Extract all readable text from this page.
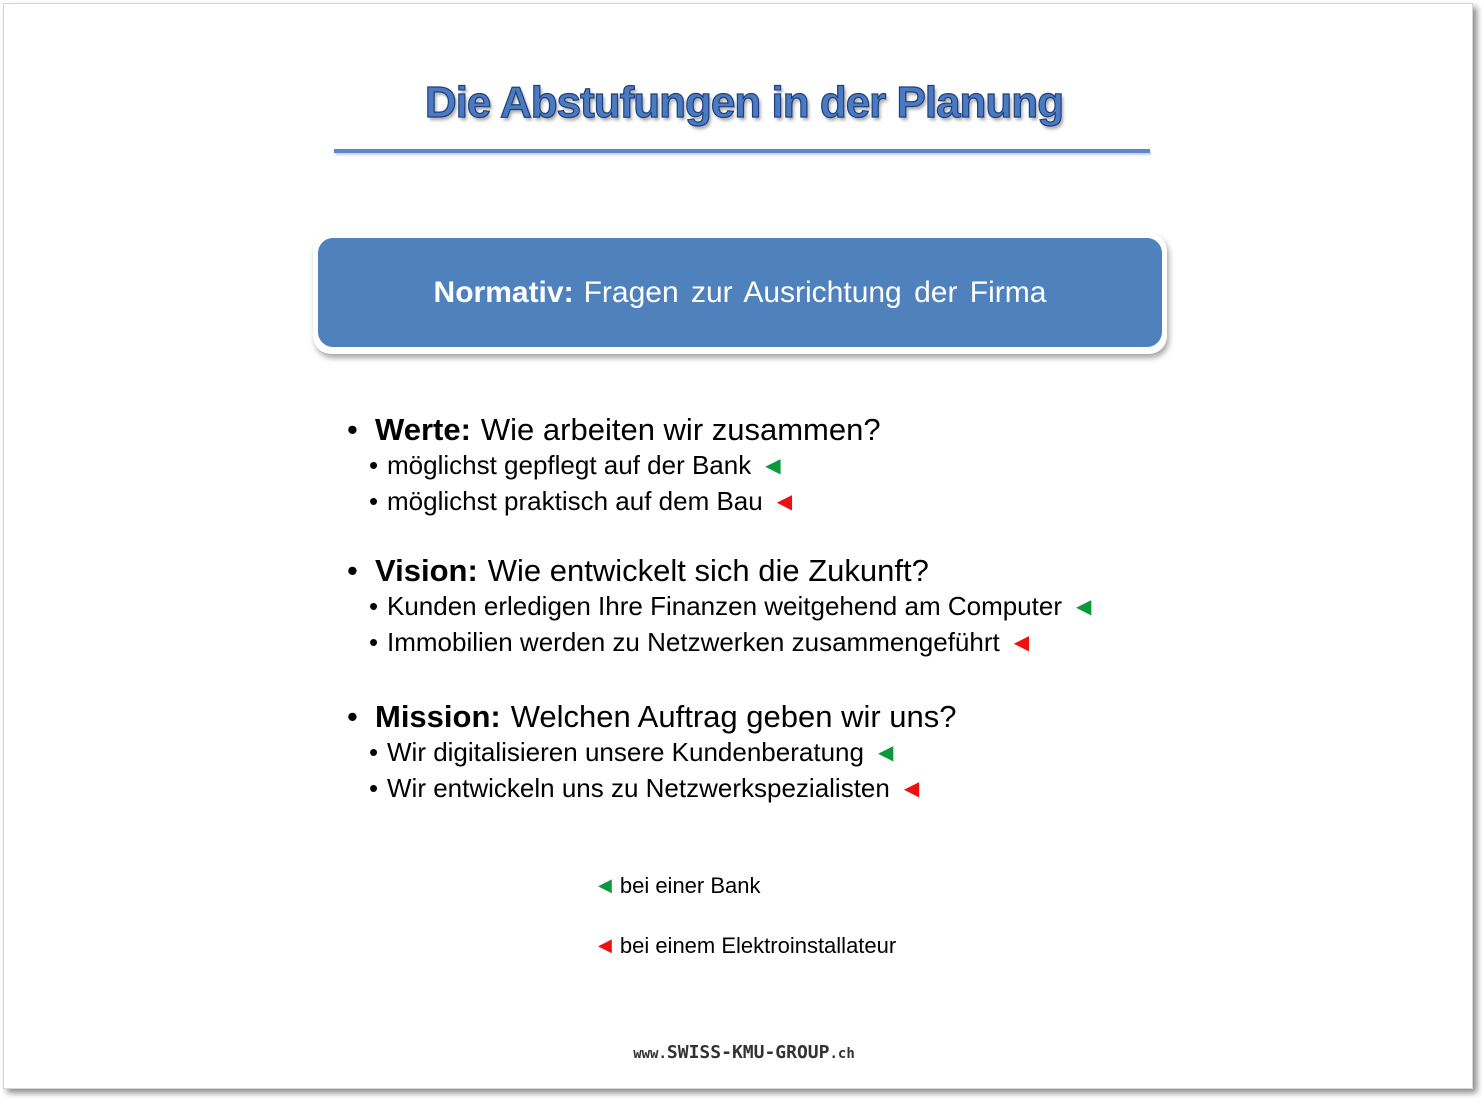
Die Abstufungen in der Planung
Normativ: Fragen zur Ausrichtung der Firma
• Werte: Wie arbeiten wir zusammen?
• möglichst gepflegt auf der Bank ◀
• möglichst praktisch auf dem Bau ◀
• Vision: Wie entwickelt sich die Zukunft?
• Kunden erledigen Ihre Finanzen weitgehend am Computer ◀
• Immobilien werden zu Netzwerken zusammengeführt ◀
• Mission: Welchen Auftrag geben wir uns?
• Wir digitalisieren unsere Kundenberatung ◀
• Wir entwickeln uns zu Netzwerkspezialisten ◀
◀ bei einer Bank
◀ bei einem Elektroinstallateur
www.SWISS-KMU-GROUP.ch
